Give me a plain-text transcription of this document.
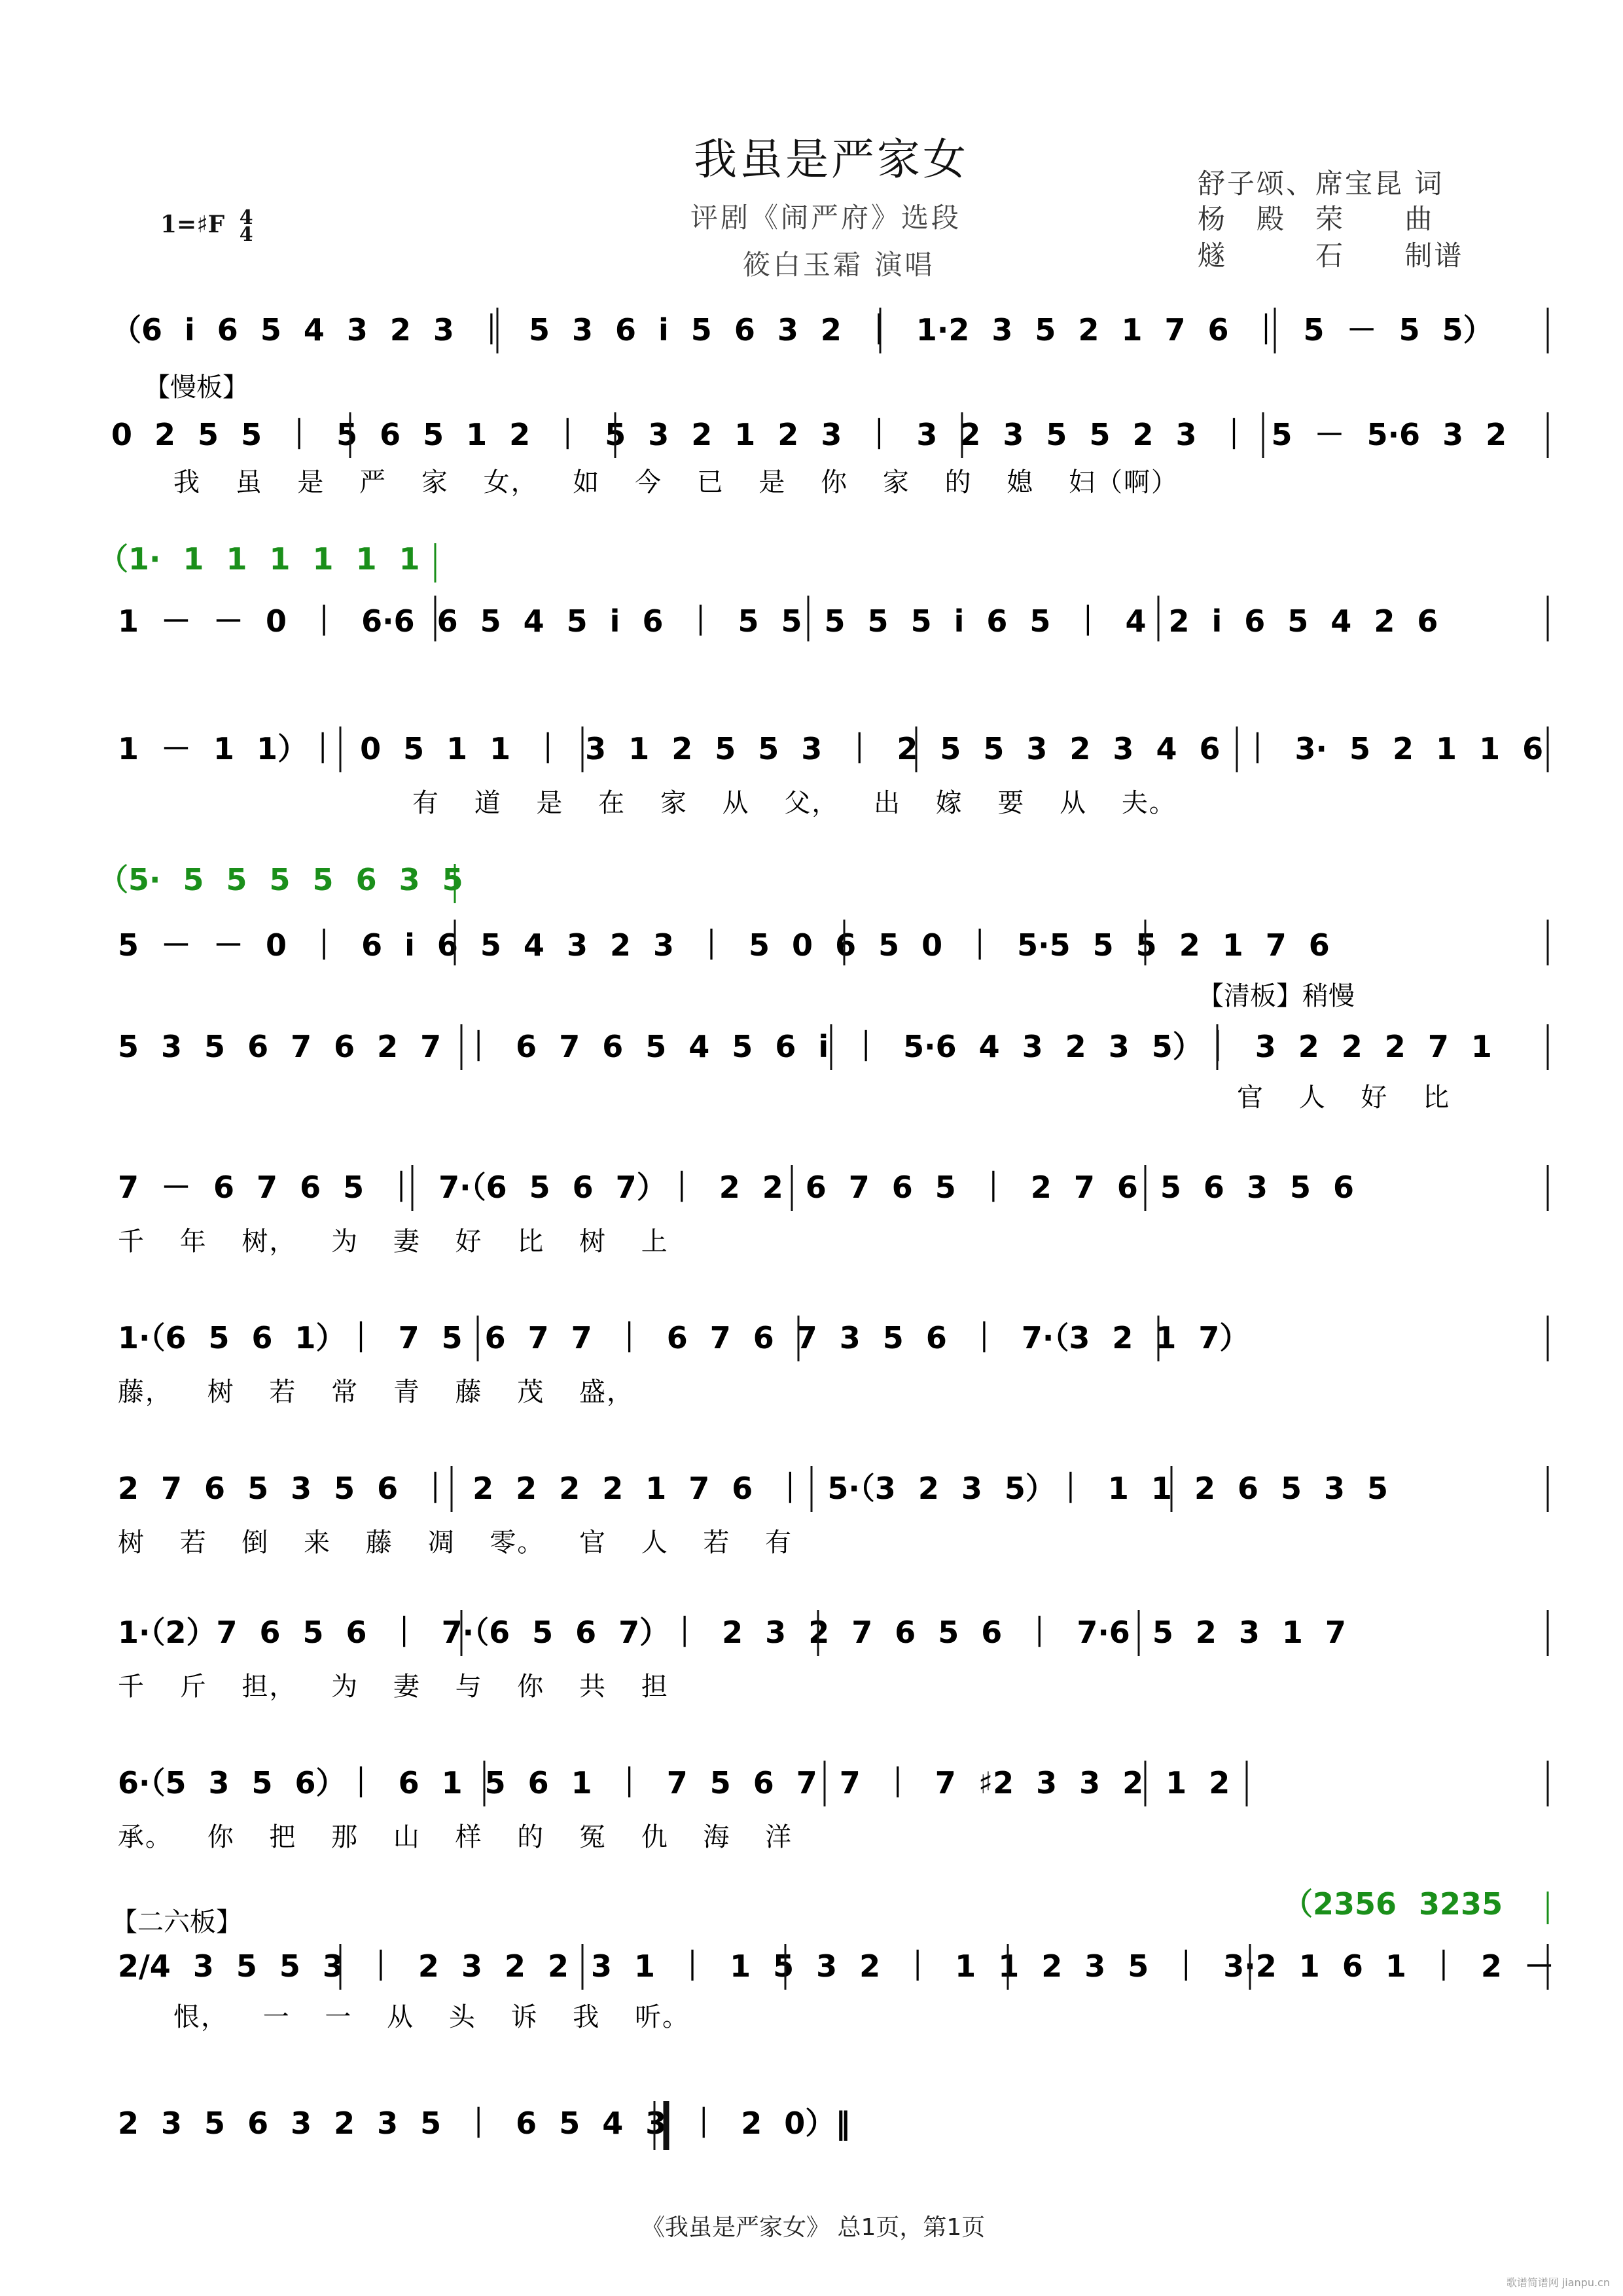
我虽是严家女
评剧《闹严府》选段
筱白玉霜 演唱
1=♯F 4
4
舒子颂、席宝昆 词
杨　殿　荣 曲
燧　　　石 制谱
（6 i 6 5 4 3 2 3 ｜ 5 3 6 i 5 6 3 2 ｜ 1·2 3 5 2 1 7 6 ｜ 5 － 5 5）
【慢板】
0 2 5 5 ｜ 5 6 5 1 2 ｜ 5 3 2 1 2 3 ｜ 3 2 3 5 5 2 3 ｜ 5 － 5·6 3 2
我 虽 是 严 家 女， 如 今 已 是 你 家 的 媳 妇（啊）
（1· 1 1 1 1 1 1
1 － － 0 ｜ 6·6 6 5 4 5 i 6 ｜ 5 5 5 5 5 i 6 5 ｜ 4 2 i 6 5 4 2 6
1 － 1 1）｜ 0 5 1 1 ｜ 3 1 2 5 5 3 ｜ 2 5 5 3 2 3 4 6 ｜ 3· 5 2 1 1 6
有 道 是 在 家 从 父， 出 嫁 要 从 夫。
（5· 5 5 5 5 6 3 5
5 － － 0 ｜ 6 i 6 5 4 3 2 3 ｜ 5 0 6 5 0 ｜ 5·5 5 5 2 1 7 6
【清板】稍慢
5 3 5 6 7 6 2 7 ｜ 6 7 6 5 4 5 6 i ｜ 5·6 4 3 2 3 5）｜ 3 2 2 2 7 1
官 人 好 比
7 － 6 7 6 5 ｜ 7·（6 5 6 7）｜ 2 2 6 7 6 5 ｜ 2 7 6 5 6 3 5 6
千 年 树， 为 妻 好 比 树 上
1·（6 5 6 1）｜ 7 5 6 7 7 ｜ 6 7 6 7 3 5 6 ｜ 7·（3 2 1 7）
藤， 树 若 常 青 藤 茂 盛，
2 7 6 5 3 5 6 ｜ 2 2 2 2 1 7 6 ｜ 5·（3 2 3 5）｜ 1 1 2 6 5 3 5
树 若 倒 来 藤 凋 零。 官 人 若 有
1·（2）7 6 5 6 ｜ 7·（6 5 6 7）｜ 2 3 2 7 6 5 6 ｜ 7·6 5 2 3 1 7
千 斤 担， 为 妻 与 你 共 担
6·（5 3 5 6）｜ 6 1 5 6 1 ｜ 7 5 6 7 7 ｜ 7 ♯2 3 3 2 1 2
承。 你 把 那 山 样 的 冤 仇 海 洋
（2356 3235
【二六板】
2/4 3 5 5 3 ｜ 2 3 2 2 3 1 ｜ 1 5 3 2 ｜ 1 1 2 3 5 ｜ 3·2 1 6 1 ｜ 2 －
恨， 一 一 从 头 诉 我 听。
2 3 5 6 3 2 3 5 ｜ 6 5 4 3 ｜ 2 0）‖
《我虽是严家女》 总1页，第1页
歌谱简谱网 jianpu.cn
